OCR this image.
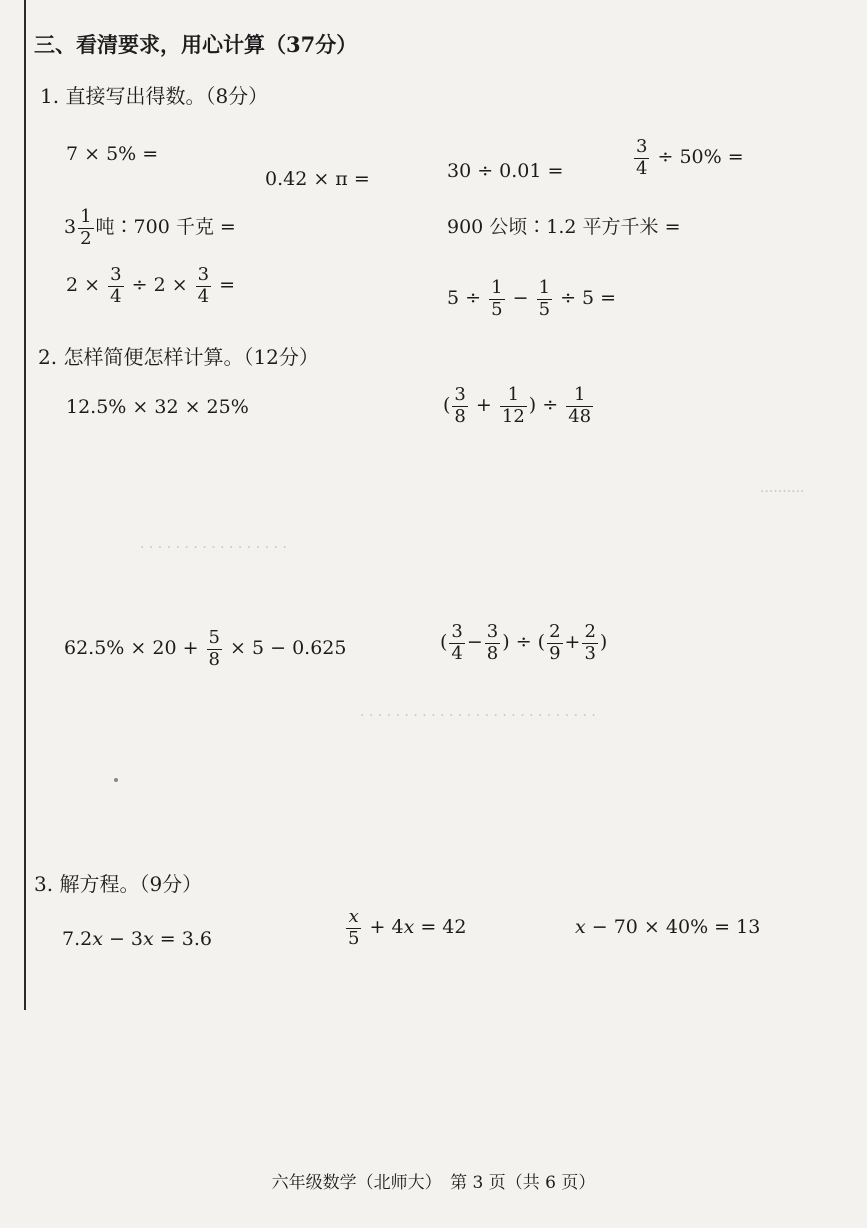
..........
· · · · · · · · · · · · · · · · ·
· · · · · · · · · · · · · · · · · · · · · · · · · · ·
三、看清要求，用心计算（37分）
1. 直接写出得数。（8分）
7 × 5% =
0.42 × π =	30 ÷ 0.01 =	$\frac{3}{4} \div 50\%$ =
$3 \frac{1}{2}$ 吨∶700 千克 =	900 公顷∶1.2 平方千米 =
$2 \times \frac{3}{4} \div 2 \times \frac{3}{4}$ =
$5 \div \frac{1}{5} - \frac{1}{5} \div 5$ =
2. 怎样简便怎样计算。（12分）
12.5% × 32 × 25%	( $\frac{3}{8} + \frac{1}{12}$ ) ÷ $\frac{1}{48}$
$62.5\% \times 20 + \frac{5}{8} \times 5 - 0.625$	( $\frac{3}{4} - \frac{3}{8}$ ) ÷ ( $\frac{2}{9} + \frac{2}{3}$ )
3. 解方程。（9分）
7.2x − 3x = 3.6	$\frac{x}{5} + 4x = 42$	x − 70 × 40% = 13
六年级数学（北师大）　第 3 页（共 6 页）
